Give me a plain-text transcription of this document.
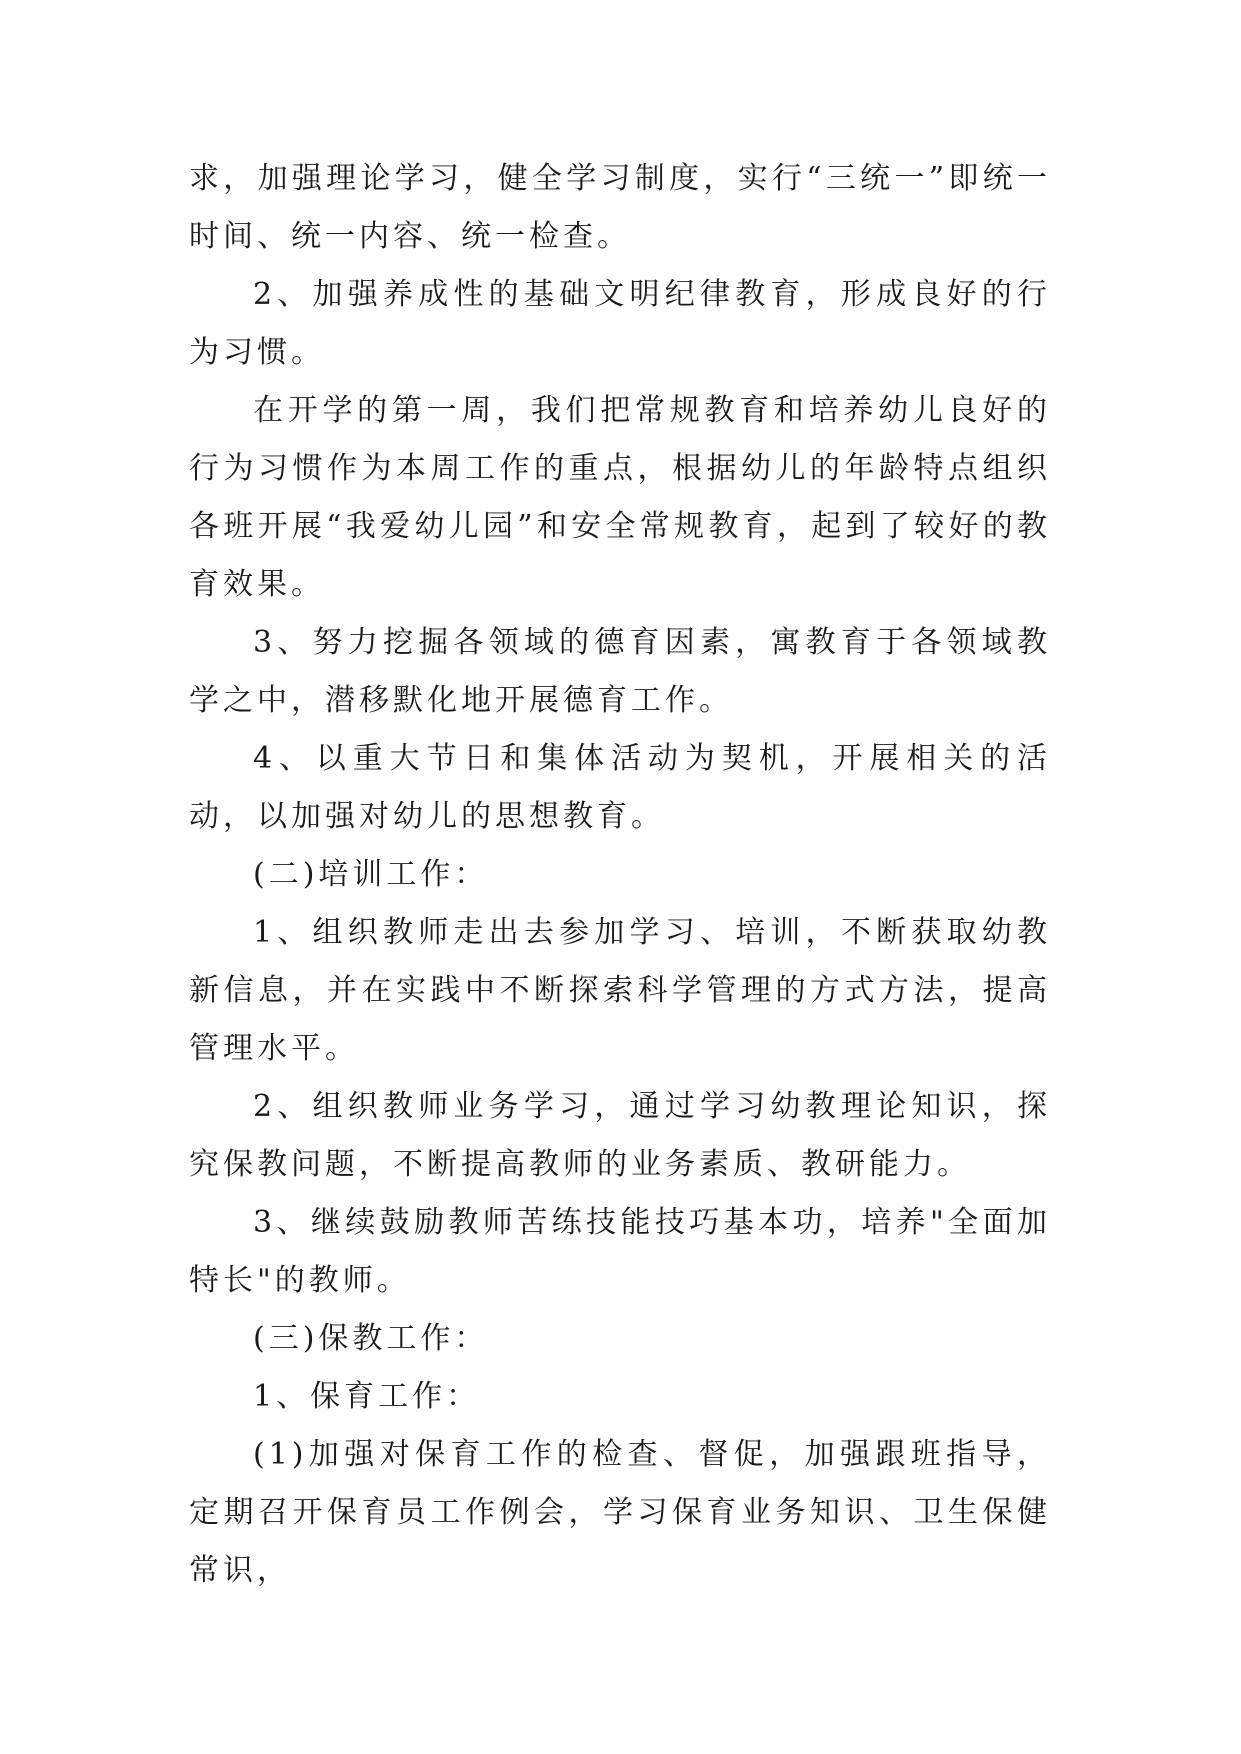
求，加强理论学习，健全学习制度，实行“三统一”即统一时间、统一内容、统一检查。

2、加强养成性的基础文明纪律教育，形成良好的行为习惯。

在开学的第一周，我们把常规教育和培养幼儿良好的行为习惯作为本周工作的重点，根据幼儿的年龄特点组织各班开展“我爱幼儿园”和安全常规教育，起到了较好的教育效果。

3、努力挖掘各领域的德育因素，寓教育于各领域教学之中，潜移默化地开展德育工作。

4、以重大节日和集体活动为契机，开展相关的活动，以加强对幼儿的思想教育。

(二)培训工作：

1、组织教师走出去参加学习、培训，不断获取幼教新信息，并在实践中不断探索科学管理的方式方法，提高管理水平。

2、组织教师业务学习，通过学习幼教理论知识，探究保教问题，不断提高教师的业务素质、教研能力。

3、继续鼓励教师苦练技能技巧基本功，培养"全面加特长"的教师。

(三)保教工作：

1、保育工作：

(1)加强对保育工作的检查、督促，加强跟班指导，定期召开保育员工作例会，学习保育业务知识、卫生保健常识，
